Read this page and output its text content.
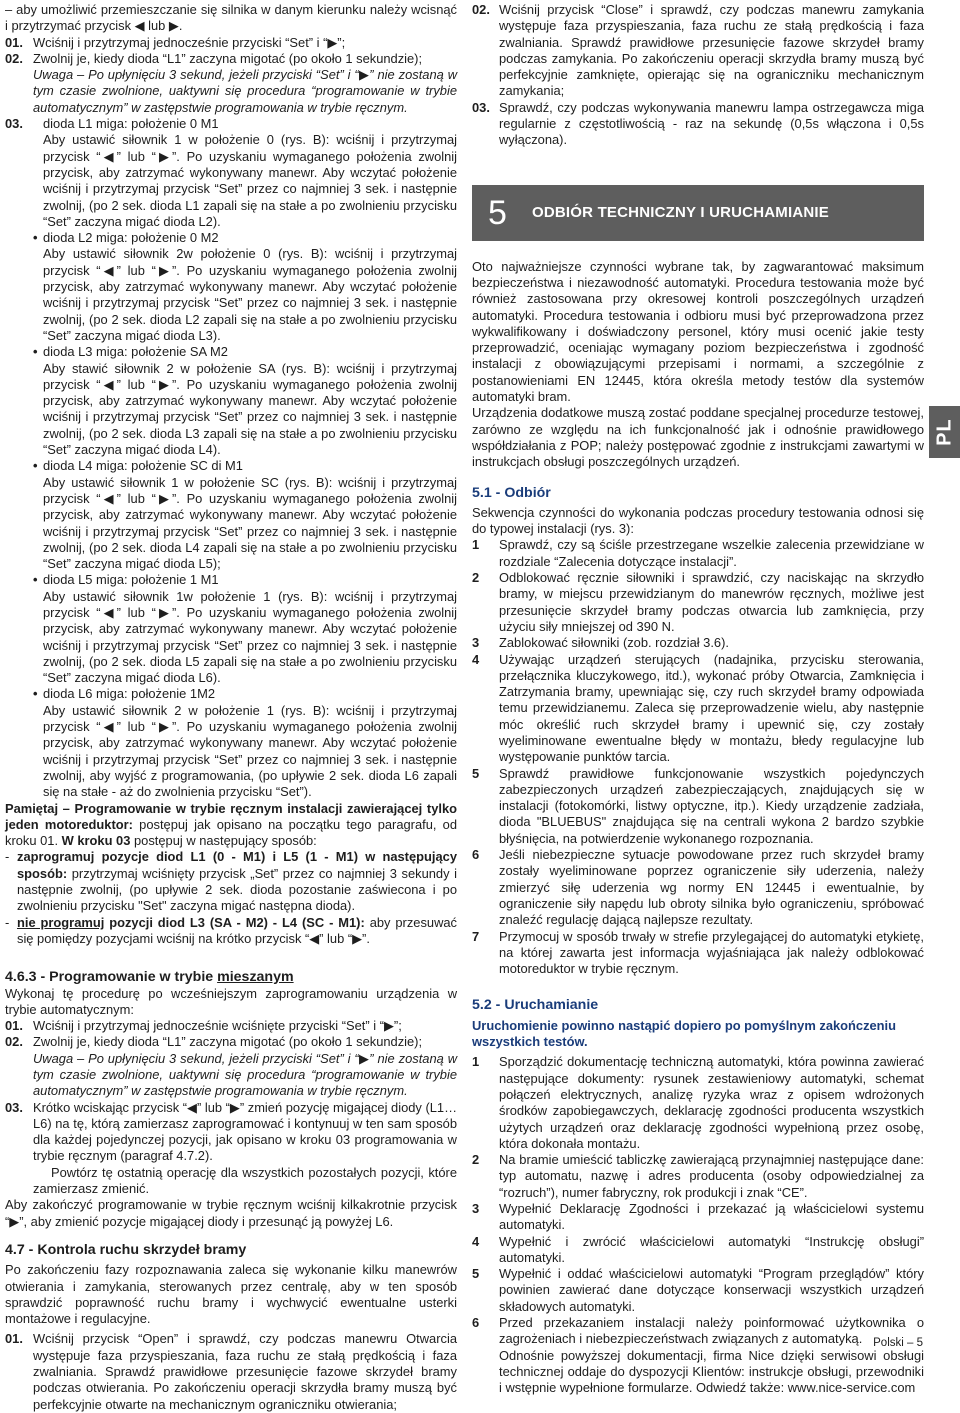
– aby umożliwić przemieszczanie się silnika w danym kierunku należy wcisnąć i przytrzymać przycisk ◀ lub ▶.

01. Wciśnij i przytrzymaj jednocześnie przyciski “Set” i “▶”;
02. Zwolnij je, kiedy dioda “L1” zaczyna migotać (po około 1 sekundzie);

Uwaga – Po upłynięciu 3 sekund, jeżeli przyciski “Set” i “▶” nie zostaną w tym czasie zwolnione, uaktywni się procedura “programowanie w trybie automatycznym” w zastępstwie programowania w trybie ręcznym.

03.	dioda L1 miga: położenie 0 M1

Aby ustawić siłownik 1 w położenie 0 (rys. B): wciśnij i przytrzymaj przycisk “◀” lub “▶”. Po uzyskaniu wymaganego położenia zwolnij przycisk, aby zatrzymać wykonywany manewr. Aby wczytać położenie wciśnij i przytrzymaj przycisk “Set” przez co najmniej 3 sek. i następnie zwolnij, (po 2 sek. dioda L1 zapali się na stałe a po zwolnieniu przycisku “Set” zaczyna migać dioda L2).

• dioda L2 miga: położenie 0 M2

Aby ustawić siłownik 2w położenie 0 (rys. B): wciśnij i przytrzymaj przycisk “◀” lub “▶”. Po uzyskaniu wymaganego położenia zwolnij przycisk, aby zatrzymać wykonywany manewr. Aby wczytać położenie wciśnij i przytrzymaj przycisk “Set” przez co najmniej 3 sek. i następnie zwolnij, (po 2 sek. dioda L2 zapali się na stałe a po zwolnieniu przycisku “Set” zaczyna migać dioda L3).

• dioda L3 miga: położenie SA M2

Aby stawić siłownik 2 w położenie SA (rys. B): wciśnij i przytrzymaj przycisk “◀” lub “▶”. Po uzyskaniu wymaganego położenia zwolnij przycisk, aby zatrzymać wykonywany manewr. Aby wczytać położenie wciśnij i przytrzymaj przycisk “Set” przez co najmniej 3 sek. i następnie zwolnij, (po 2 sek. dioda L3 zapali się na stałe a po zwolnieniu przycisku “Set” zaczyna migać dioda L4).

• dioda L4 miga: położenie SC di M1

Aby ustawić siłownik 1 w położenie SC (rys. B): wciśnij i przytrzymaj przycisk “◀” lub “▶”. Po uzyskaniu wymaganego położenia zwolnij przycisk, aby zatrzymać wykonywany manewr. Aby wczytać położenie wciśnij i przytrzymaj przycisk “Set” przez co najmniej 3 sek. i następnie zwolnij, (po 2 sek. dioda L4 zapali się na stałe a po zwolnieniu przycisku “Set” zaczyna migać dioda L5);

• dioda L5 miga: położenie 1 M1

Aby ustawić siłownik 1w położenie 1 (rys. B): wciśnij i przytrzymaj przycisk “◀” lub “▶”. Po uzyskaniu wymaganego położenia zwolnij przycisk, aby zatrzymać wykonywany manewr. Aby wczytać położenie wciśnij i przytrzymaj przycisk “Set” przez co najmniej 3 sek. i następnie zwolnij, (po 2 sek. dioda L5 zapali się na stałe a po zwolnieniu przycisku “Set” zaczyna migać dioda L6).

• dioda L6 miga: położenie 1M2

Aby ustawić siłownik 2 w położenie 1 (rys. B): wciśnij i przytrzymaj przycisk “◀” lub “▶”. Po uzyskaniu wymaganego położenia zwolnij przycisk, aby zatrzymać wykonywany manewr. Aby wczytać położenie wciśnij i przytrzymaj przycisk “Set” przez co najmniej 3 sek. i następnie zwolnij, aby wyjść z programowania, (po upływie 2 sek. dioda L6 zapali się na stałe - aż do zwolnienia przycisku “Set”).

Pamiętaj – Programowanie w trybie ręcznym instalacji zawierającej tylko jeden motoreduktor: postępuj jak opisano na początku tego paragrafu, od kroku 01. W kroku 03 postępuj w następujący sposób:

- zaprogramuj pozycje diod L1 (0 - M1) i L5 (1 - M1) w następujący sposób: przytrzymaj wciśnięty przycisk „Set” przez co najmniej 3 sekundy i następnie zwolnij, (po upływie 2 sek. dioda pozostanie zaświecona i po zwolnieniu przycisku "Set" zaczyna migać następna dioda).
- nie programuj pozycji diod L3 (SA - M2) - L4 (SC - M1): aby przesuwać się pomiędzy pozycjami wciśnij na krótko przycisk “◀” lub “▶”.
4.6.3 - Programowanie w trybie mieszanym

Wykonaj tę procedurę po wcześniejszym zaprogramowaniu urządzenia w trybie automatycznym:

01. Wciśnij i przytrzymaj jednocześnie wciśnięte przyciski “Set” i “▶”;
02. Zwolnij je, kiedy dioda “L1” zaczyna migotać (po około 1 sekundzie);

Uwaga – Po upłynięciu 3 sekund, jeżeli przyciski “Set” i “▶” nie zostaną w tym czasie zwolnione, uaktywni się procedura “programowanie w trybie automatycznym” w zastępstwie programowania w trybie ręcznym.

03. Krótko wciskając przycisk “◀” lub “▶” zmień pozycję migającej diody (L1… L6) na tę, którą zamierzasz zaprogramować i kontynuuj w ten sam sposób dla każdej pojedynczej pozycji, jak opisano w kroku 03 programowania w trybie ręcznym (paragraf 4.7.2).

Powtórz tę ostatnią operację dla wszystkich pozostałych pozycji, które zamierzasz zmienić.

Aby zakończyć programowanie w trybie ręcznym wciśnij kilkakrotnie przycisk “▶”, aby zmienić pozycje migającej diody i przesunąć ją powyżej L6.

4.7 - Kontrola ruchu skrzydeł bramy

Po zakończeniu fazy rozpoznawania zaleca się wykonanie kilku manewrów otwierania i zamykania, sterowanych przez centralę, aby w ten sposób sprawdzić poprawność ruchu bramy i wychwycić ewentualne usterki montażowe i regulacyjne.

01. Wciśnij przycisk “Open” i sprawdź, czy podczas manewru Otwarcia występuje faza przyspieszania, faza ruchu ze stałą prędkością i faza zwalniania. Sprawdź prawidłowe przesunięcie fazowe skrzydeł bramy podczas otwierania. Po zakończeniu operacji skrzydła bramy muszą być perfekcyjnie otwarte na mechanicznym ograniczniku otwierania;
02. Wciśnij przycisk “Close” i sprawdź, czy podczas manewru zamykania występuje faza przyspieszania, faza ruchu ze stałą prędkością i faza zwalniania. Sprawdź prawidłowe przesunięcie fazowe skrzydeł bramy podczas zamykania. Po zakończeniu operacji skrzydła bramy muszą być perfekcyjnie zamknięte, opierając się na ograniczniku mechanicznym zamykania;
03. Sprawdź, czy podczas wykonywania manewru lampa ostrzegawcza miga regularnie z częstotliwością - raz na sekundę (0,5s włączona i 0,5s wyłączona).
5	ODBIÓR TECHNICZNY I URUCHAMIANIE

Oto najważniejsze czynności wybrane tak, by zagwarantować maksimum bezpieczeństwa i niezawodność automatyki. Procedura testowania może być również zastosowana przy okresowej kontroli poszczególnych urządzeń automatyki. Procedura testowania i odbioru musi być przeprowadzona przez wykwalifikowany i doświadczony personel, który musi ocenić jakie testy przeprowadzić, oceniając wymagany poziom bezpieczeństwa i zgodność instalacji z obowiązującymi przepisami i normami, a szczególnie z postanowieniami EN 12445, która określa metody testów dla systemów automatyki bram.

Urządzenia dodatkowe muszą zostać poddane specjalnej procedurze testowej, zarówno ze względu na ich funkcjonalność jak i odnośnie prawidłowego współdziałania z POP; należy postępować zgodnie z instrukcjami zawartymi w instrukcjach obsługi poszczególnych urządzeń.

5.1 - Odbiór

Sekwencja czynności do wykonania podczas procedury testowania odnosi się do typowej instalacji (rys. 3):

1	Sprawdź, czy są ściśle przestrzegane wszelkie zalecenia przewidziane w rozdziale “Zalecenia dotyczące instalacji”.
2	Odblokować ręcznie siłowniki i sprawdzić, czy naciskając na skrzydło bramy, w miejscu przewidzianym do manewrów ręcznych, możliwe jest przesunięcie skrzydeł bramy podczas otwarcia lub zamknięcia, przy użyciu siły mniejszej od 390 N.
3	Zablokować siłowniki (zob. rozdział 3.6).
4	Używając urządzeń sterujących (nadajnika, przycisku sterowania, przełącznika kluczykowego, itd.), wykonać próby Otwarcia, Zamknięcia i Zatrzymania bramy, upewniając się, czy ruch skrzydeł bramy odpowiada temu przewidzianemu. Zaleca się przeprowadzenie wielu, aby następnie móc określić ruch skrzydeł bramy i upewnić się, czy zostały wyeliminowane ewentualne błędy w montażu, błedy regulacyjne lub występowanie punktów tarcia.
5	Sprawdź prawidłowe funkcjonowanie wszystkich pojedynczych zabezpieczonych urządzeń zabezpieczających, znajdujących się w instalacji (fotokomórki, listwy optyczne, itp.). Kiedy urządzenie zadziała, dioda "BLUEBUS" znajdująca się na centrali wykona 2 bardzo szybkie błyśnięcia, na potwierdzenie wykonanego rozpoznania.
6	Jeśli niebezpieczne sytuacje powodowane przez ruch skrzydeł bramy zostały wyeliminowane poprzez ograniczenie siły uderzenia, należy zmierzyć siłę uderzenia wg normy EN 12445 i ewentualnie, by ograniczenie siły napędu lub obroty silnika było ograniczeniu, spróbować znaleźć regulację dającą najlepsze rezultaty.
7	Przymocuj w sposób trwały w strefie przylegającej do automatyki etykietę, na której zawarta jest informacja wyjaśniająca jak należy odblokować motoreduktor w trybie ręcznym.
5.2 - Uruchamianie

Uruchomienie powinno nastąpić dopiero po pomyślnym zakończeniu wszystkich testów.

1	Sporządzić dokumentację techniczną automatyki, która powinna zawierać następujące dokumenty: rysunek zestawieniowy automatyki, schemat połączeń elektrycznych, analizę ryzyka wraz z opisem wdrożonych środków zapobiegawczych, deklarację zgodności producenta wszystkich użytych urządzeń oraz deklarację zgodności wypełnioną przez osobę, która dokonała montażu.
2	Na bramie umieścić tabliczkę zawierającą przynajmniej następujące dane: typ automatu, nazwę i adres producenta (osoby odpowiedzialnej za “rozruch”), numer fabryczny, rok produkcji i znak “CE”.
3	Wypełnić Deklarację Zgodności i przekazać ją właścicielowi systemu automatyki.
4	Wypełnić i zwrócić właścicielowi automatyki “Instrukcję obsługi” automatyki.
5	Wypełnić i oddać właścicielowi automatyki “Program przeglądów” który powinien zawierać dane dotyczące konserwacji wszystkich urządzeń składowych automatyki.
6	Przed przekazaniem instalacji należy poinformować użytkownika o zagrożeniach i niebezpieczeństwach związanych z automatyką.

Odnośnie powyższej dokumentacji, firma Nice dzięki serwisowi obsługi technicznej oddaje do dyspozycji Klientów: instrukcje obsługi, przewodniki i wstępnie wypełnione formularze. Odwiedź także: www.nice-service.com

PL
Polski – 5
